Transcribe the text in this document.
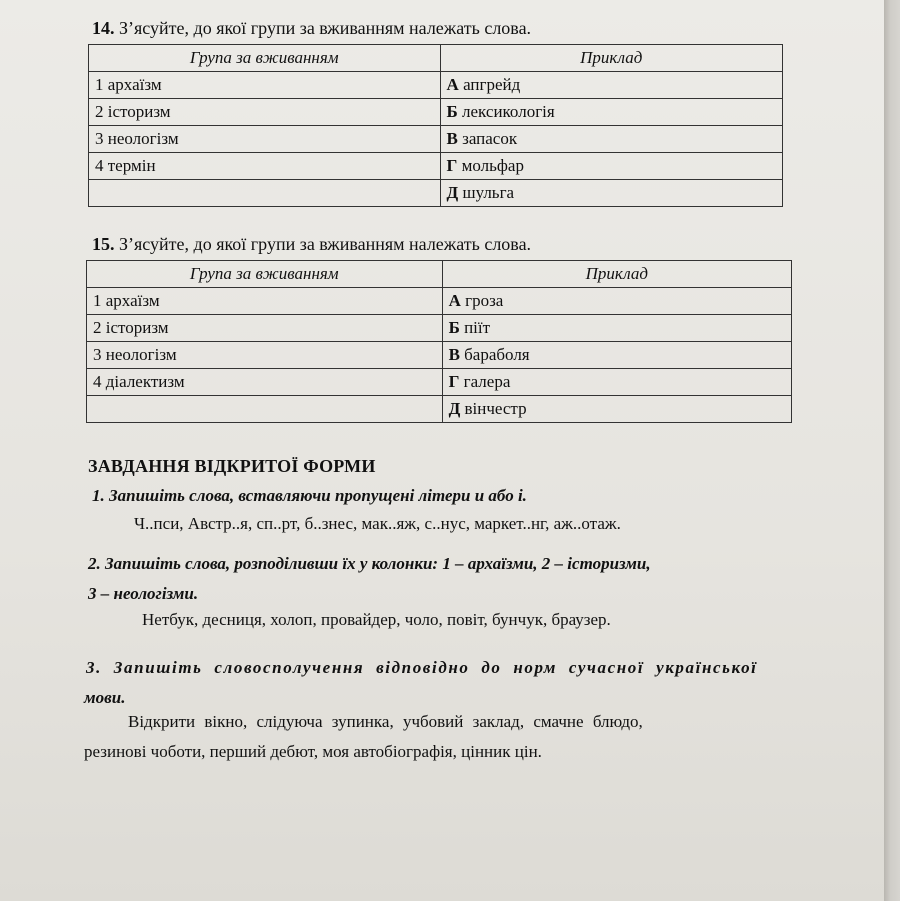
14. З’ясуйте, до якої групи за вживанням належать слова.
Група за вживанням	Приклад
1 архаїзм	А апгрейд
2 історизм	Б лексикологія
3 неологізм	В запасок
4 термін	Г мольфар
	Д шульга
15. З’ясуйте, до якої групи за вживанням належать слова.
Група за вживанням	Приклад
1 архаїзм	А гроза
2 історизм	Б піїт
3 неологізм	В бараболя
4 діалектизм	Г галера
	Д вінчестр
ЗАВДАННЯ ВІДКРИТОЇ ФОРМИ
1. Запишіть слова, вставляючи пропущені літери и або і.
Ч..пси, Австр..я, сп..рт, б..знес, мак..яж, с..нус, маркет..нг, аж..отаж.
2. Запишіть слова, розподіливши їх у колонки: 1 – архаїзми, 2 – історизми,
3 – неологізми.
Нетбук, десниця, холоп, провайдер, чоло, повіт, бунчук, браузер.
3. Запишіть словосполучення відповідно до норм сучасної української
мови.
Відкрити вікно, слідуюча зупинка, учбовий заклад, смачне блюдо,
резинові чоботи, перший дебют, моя автобіографія, цінник цін.
